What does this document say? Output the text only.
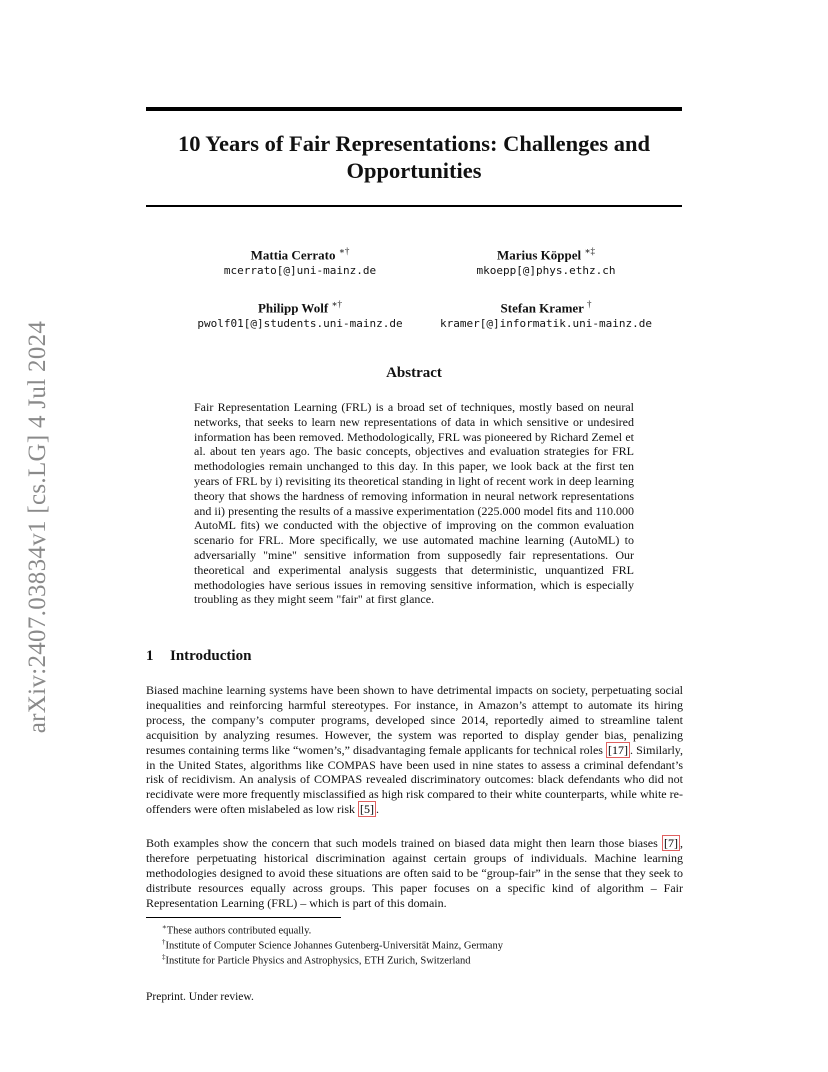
arXiv:2407.03834v1 [cs.LG] 4 Jul 2024
10 Years of Fair Representations: Challenges and
Opportunities
Mattia Cerrato ∗†
mcerrato[@]uni-mainz.de
Marius Köppel ∗‡
mkoepp[@]phys.ethz.ch
Philipp Wolf ∗†
pwolf01[@]students.uni-mainz.de
Stefan Kramer †
kramer[@]informatik.uni-mainz.de
Abstract

Fair Representation Learning (FRL) is a broad set of techniques, mostly based on neural networks, that seeks to learn new representations of data in which sensitive or undesired information has been removed. Methodologically, FRL was pioneered by Richard Zemel et al. about ten years ago. The basic concepts, objectives and evaluation strategies for FRL methodologies remain unchanged to this day. In this paper, we look back at the first ten years of FRL by i) revisiting its theoretical standing in light of recent work in deep learning theory that shows the hardness of removing information in neural network representations and ii) presenting the results of a massive experimentation (225.000 model fits and 110.000 AutoML fits) we conducted with the objective of improving on the common evaluation scenario for FRL. More specifically, we use automated machine learning (AutoML) to adversarially "mine" sensitive information from supposedly fair representations. Our theoretical and experimental analysis suggests that deterministic, unquantized FRL methodologies have serious issues in removing sensitive information, which is especially troubling as they might seem "fair" at first glance.

1 Introduction

Biased machine learning systems have been shown to have detrimental impacts on society, perpetuating social inequalities and reinforcing harmful stereotypes. For instance, in Amazon’s attempt to automate its hiring process, the company’s computer programs, developed since 2014, reportedly aimed to streamline talent acquisition by analyzing resumes. However, the system was reported to display gender bias, penalizing resumes containing terms like “women’s,” disadvantaging female applicants for technical roles [17] . Similarly, in the United States, algorithms like COMPAS have been used in nine states to assess a criminal defendant’s risk of recidivism. An analysis of COMPAS revealed discriminatory outcomes: black defendants who did not recidivate were more frequently misclassified as high risk compared to their white counterparts, while white re-offenders were often mislabeled as low risk [5] .

Both examples show the concern that such models trained on biased data might then learn those biases [7] , therefore perpetuating historical discrimination against certain groups of individuals. Machine learning methodologies designed to avoid these situations are often said to be “group-fair” in the sense that they seek to distribute resources equally across groups. This paper focuses on a specific kind of algorithm – Fair Representation Learning (FRL) – which is part of this domain.

∗These authors contributed equally.

†Institute of Computer Science Johannes Gutenberg-Universität Mainz, Germany

‡Institute for Particle Physics and Astrophysics, ETH Zurich, Switzerland

Preprint. Under review.
